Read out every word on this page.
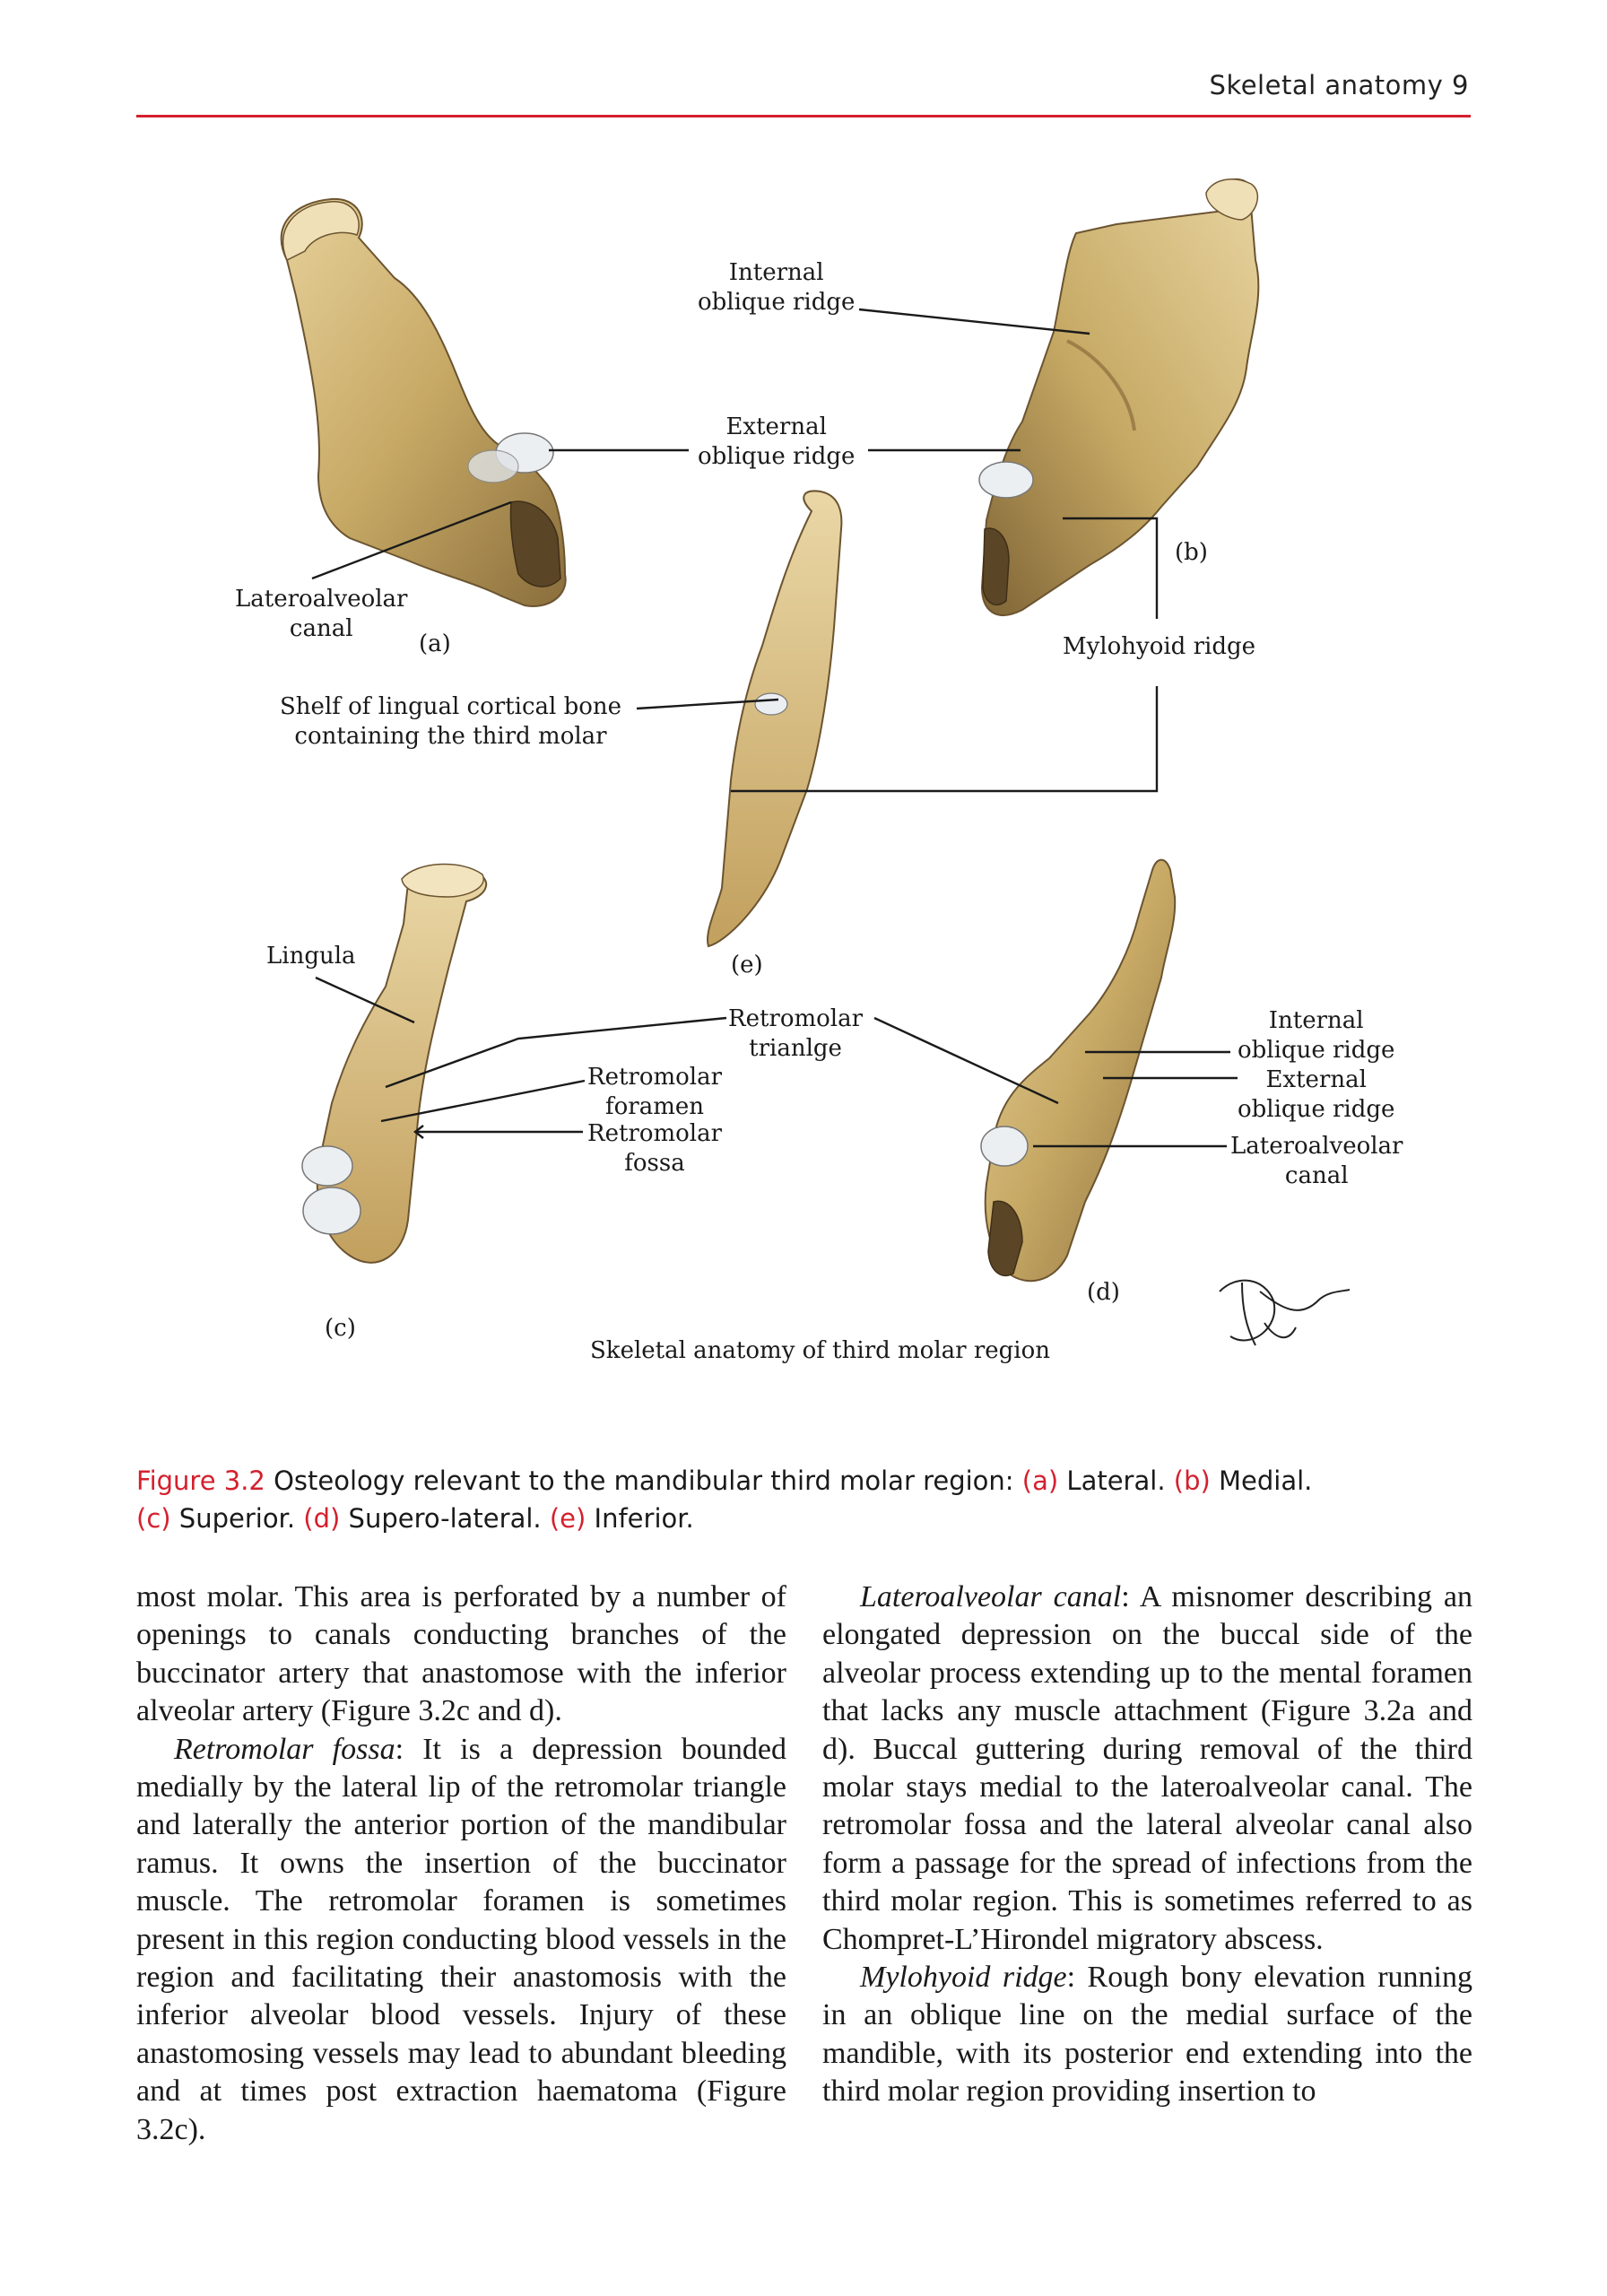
Skeletal anatomy 9
Internal
oblique ridge
External
oblique ridge
(b)
Lateroalveolar
canal
(a)	Mylohyoid ridge
Shelf of lingual cortical bone
containing the third molar
Lingula	(e)
Retromolar
trianlge
Retromolar
foramen
Retromolar
fossa
Internal
oblique ridge
External
oblique ridge
Lateroalveolar
canal
(d)
(c)
Skeletal anatomy of third molar region
Figure 3.2 Osteology relevant to the mandibular third molar region: (a) Lateral. (b) Medial.
(c) Superior. (d) Supero-lateral. (e) Inferior.

most molar. This area is perforated by a number of openings to canals conducting branches of the buccinator artery that anastomose with the inferior alveolar artery (Figure 3.2c and d).

Retromolar fossa: It is a depression bounded medially by the lateral lip of the retromolar triangle and laterally the anterior portion of the mandibular ramus. It owns the insertion of the buccinator muscle. The retromolar foramen is sometimes present in this region conducting blood vessels in the region and facilitating their anastomosis with the inferior alveolar blood vessels. Injury of these anastomosing vessels may lead to abundant bleeding and at times post extraction haematoma (Figure 3.2c).

Lateroalveolar canal: A misnomer describing an elongated depression on the buccal side of the alveolar process extending up to the mental foramen that lacks any muscle attachment (Figure 3.2a and d). Buccal guttering during removal of the third molar stays medial to the lateroalveolar canal. The retromolar fossa and the lateral alveolar canal also form a passage for the spread of infections from the third molar region. This is sometimes referred to as Chompret-L’Hirondel migratory abscess.

Mylohyoid ridge: Rough bony elevation running in an oblique line on the medial surface of the mandible, with its posterior end extending into the third molar region providing insertion to
